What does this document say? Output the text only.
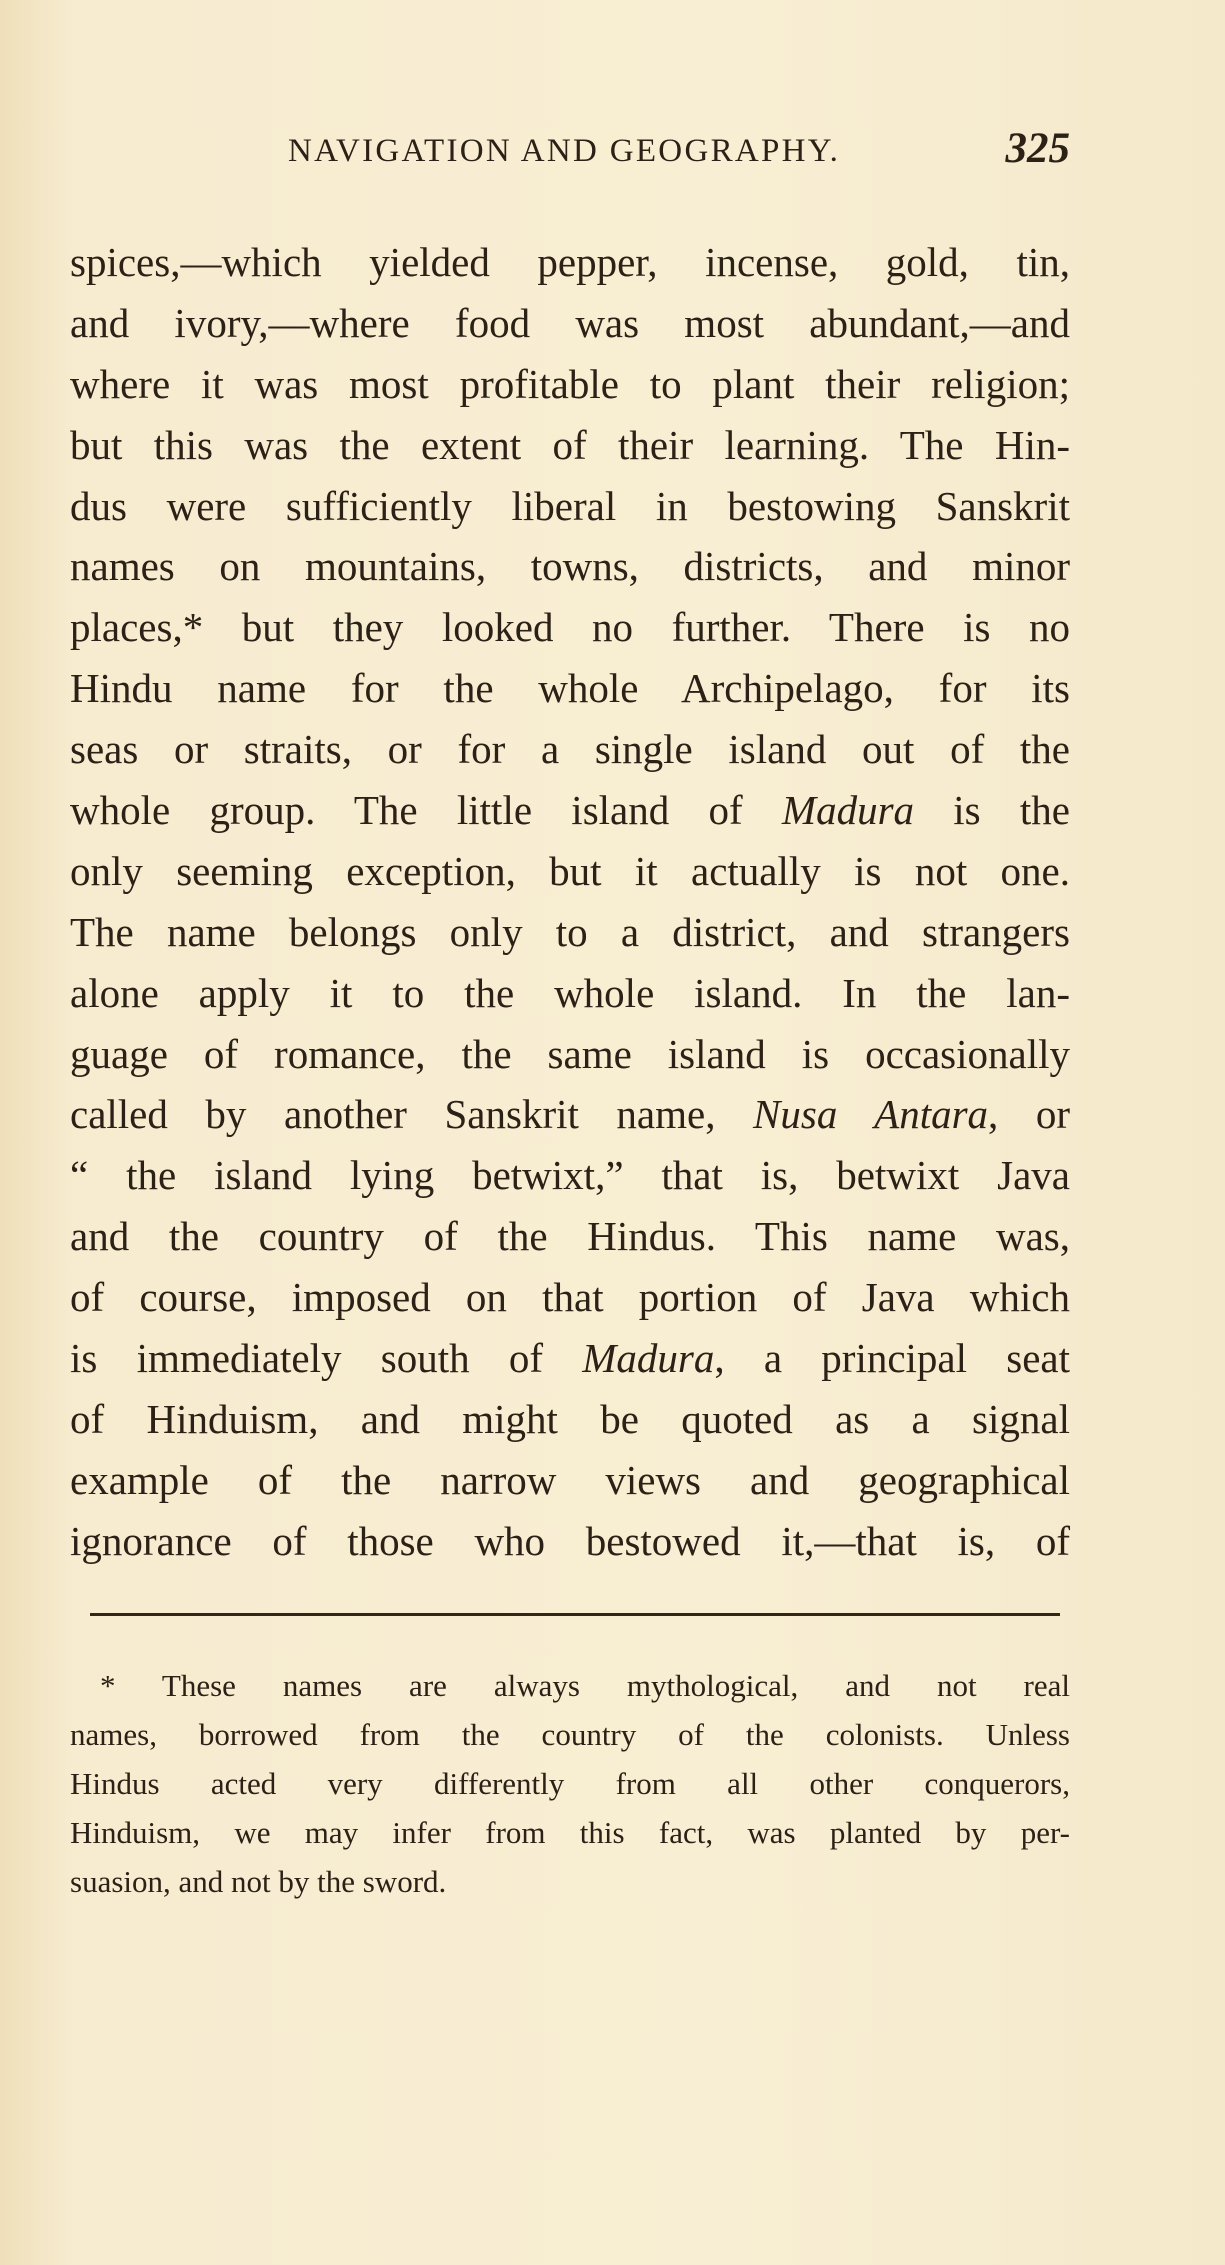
NAVIGATION AND GEOGRAPHY.	325
spices,—which yielded pepper, incense, gold, tin,
and ivory,—where food was most abundant,—and
where it was most profitable to plant their religion;
but this was the extent of their learning. The Hin-
dus were sufficiently liberal in bestowing Sanskrit
names on mountains, towns, districts, and minor
places,* but they looked no further. There is no
Hindu name for the whole Archipelago, for its
seas or straits, or for a single island out of the
whole group. The little island of Madura is the
only seeming exception, but it actually is not one.
The name belongs only to a district, and strangers
alone apply it to the whole island. In the lan-
guage of romance, the same island is occasionally
called by another Sanskrit name, Nusa Antara, or
“ the island lying betwixt,” that is, betwixt Java
and the country of the Hindus. This name was,
of course, imposed on that portion of Java which
is immediately south of Madura, a principal seat
of Hinduism, and might be quoted as a signal
example of the narrow views and geographical
ignorance of those who bestowed it,—that is, of
* These names are always mythological, and not real
names, borrowed from the country of the colonists. Unless
Hindus acted very differently from all other conquerors,
Hinduism, we may infer from this fact, was planted by per-
suasion, and not by the sword.
